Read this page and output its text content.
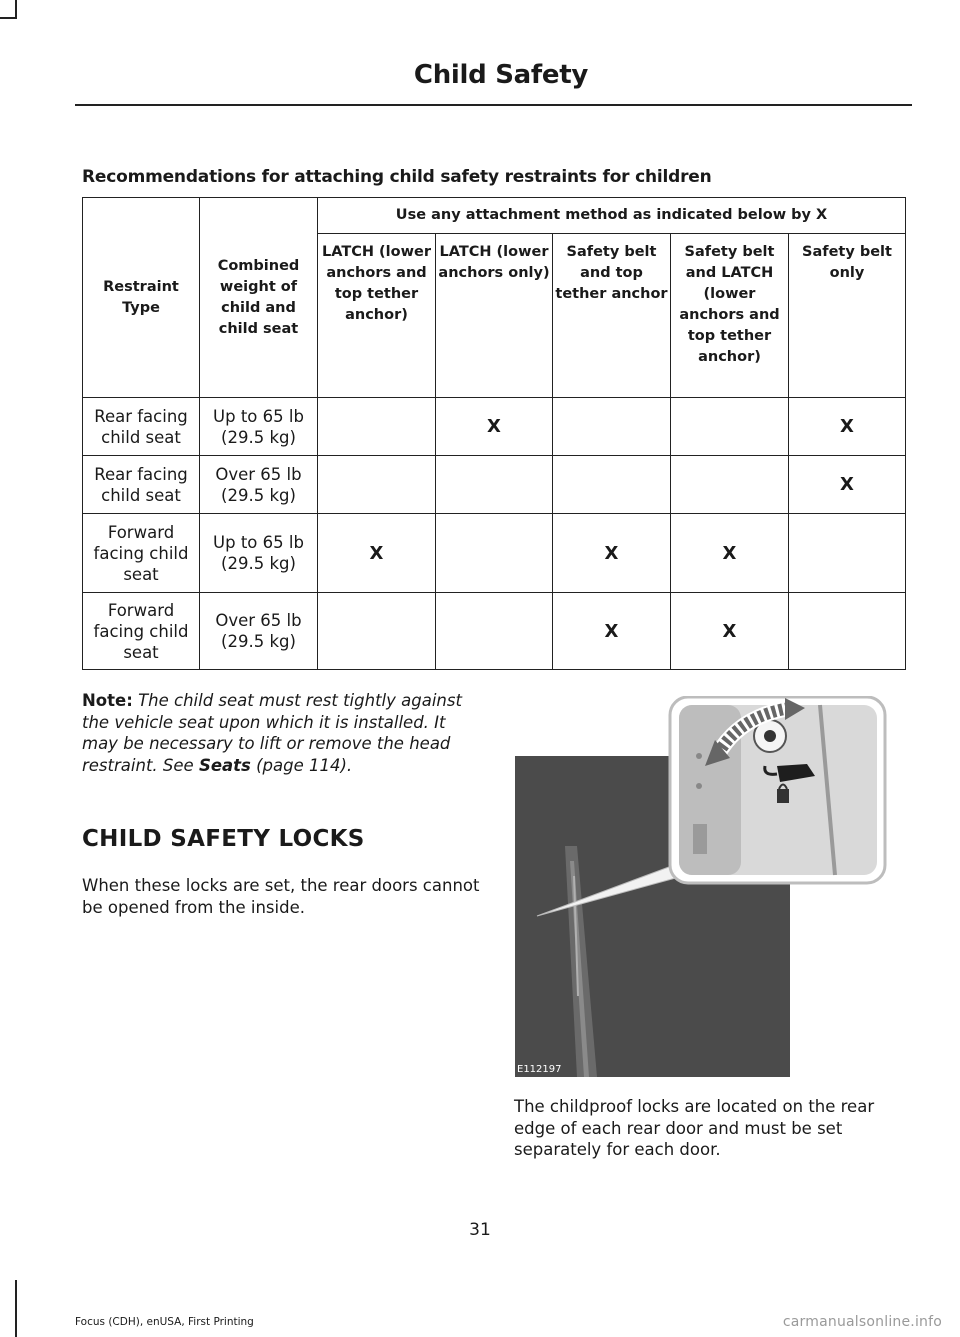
Child Safety
Recommendations for attaching child safety restraints for children
Restraint Type	Combined weight of child and child seat	Use any attachment method as indicated below by X				
		LATCH (lower anchors and top tether anchor)	LATCH (lower anchors only)	Safety belt and top tether anchor	Safety belt and LATCH (lower anchors and top tether anchor)	Safety belt only
Rear facing child seat	Up to 65 lb (29.5 kg)		X			X
Rear facing child seat	Over 65 lb (29.5 kg)					X
Forward facing child seat	Up to 65 lb (29.5 kg)	X		X	X	
Forward facing child seat	Over 65 lb (29.5 kg)			X	X	
Note: The child seat must rest tightly against the vehicle seat upon which it is installed. It may be necessary to lift or remove the head restraint. See Seats (page 114).
CHILD SAFETY LOCKS
When these locks are set, the rear doors cannot be opened from the inside.
E112197
The childproof locks are located on the rear edge of each rear door and must be set separately for each door.
31
Focus (CDH), enUSA, First Printing	carmanualsonline.info
